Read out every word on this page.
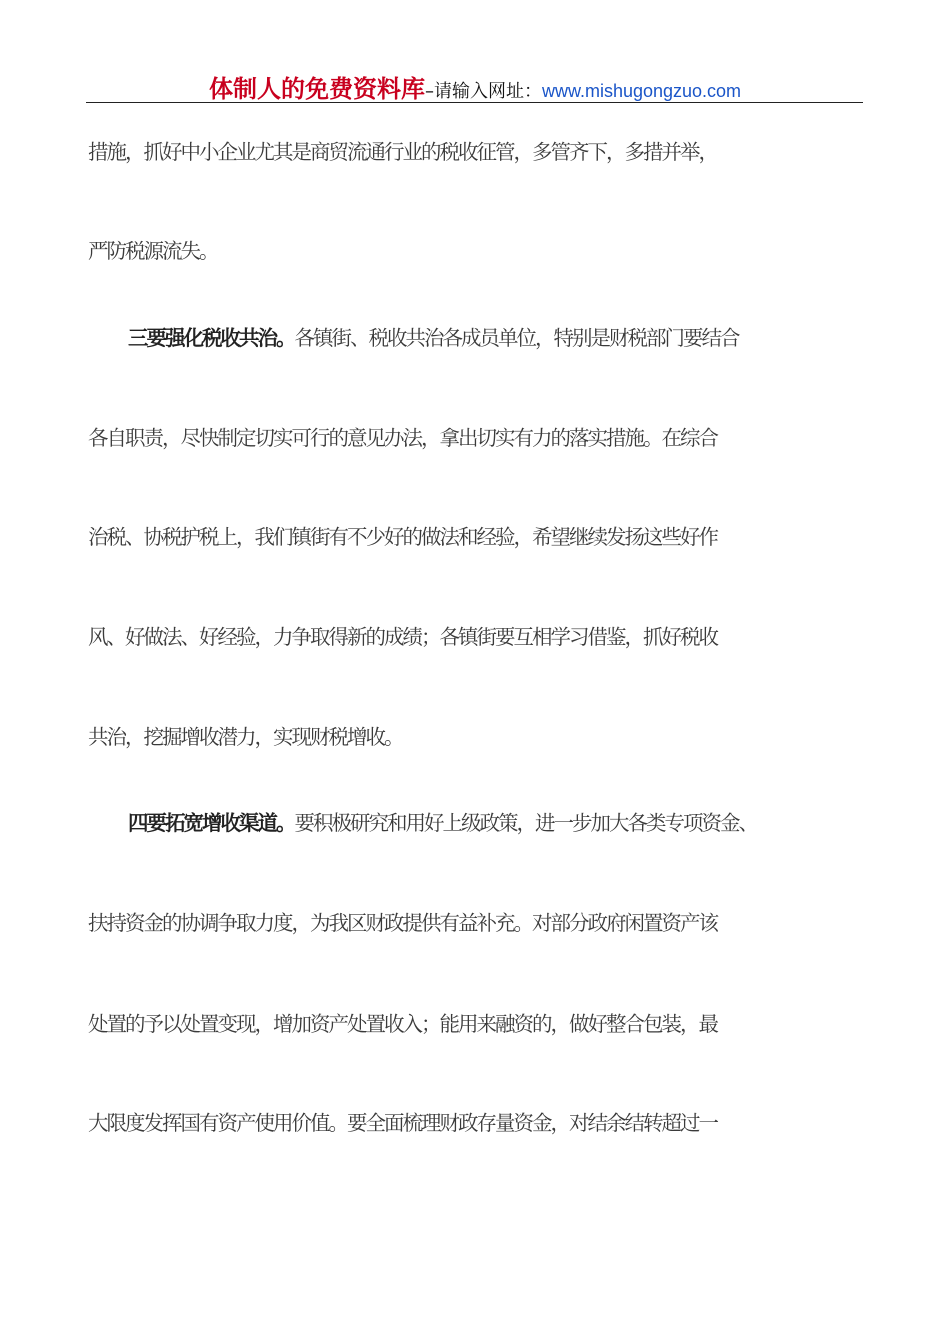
体制人的免费资料库–请输入网址：www.mishugongzuo.com
措施，抓好中小企业尤其是商贸流通行业的税收征管，多管齐下，多措并举，
严防税源流失。
三要强化税收共治。各镇街、税收共治各成员单位，特别是财税部门要结合
各自职责，尽快制定切实可行的意见办法，拿出切实有力的落实措施。在综合
治税、协税护税上，我们镇街有不少好的做法和经验，希望继续发扬这些好作
风、好做法、好经验，力争取得新的成绩；各镇街要互相学习借鉴，抓好税收
共治，挖掘增收潜力，实现财税增收。
四要拓宽增收渠道。要积极研究和用好上级政策，进一步加大各类专项资金、
扶持资金的协调争取力度，为我区财政提供有益补充。对部分政府闲置资产该
处置的予以处置变现，增加资产处置收入；能用来融资的，做好整合包装，最
大限度发挥国有资产使用价值。要全面梳理财政存量资金，对结余结转超过一
